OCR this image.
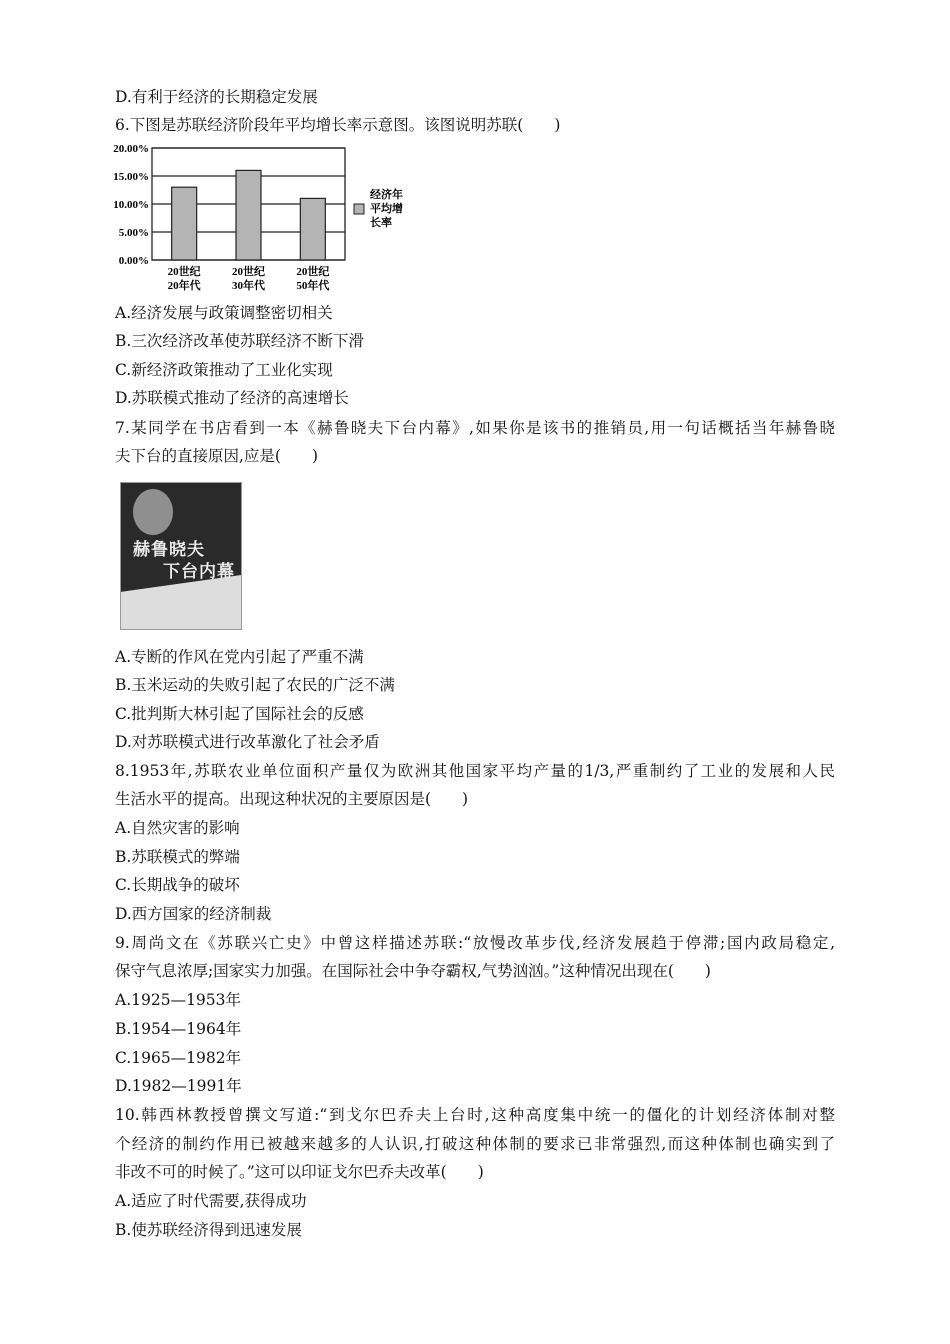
D.有利于经济的长期稳定发展
6.下图是苏联经济阶段年平均增长率示意图。该图说明苏联(　　)
0.00%
5.00%
10.00%
15.00%
20.00%
20世纪
20年代
20世纪
30年代
20世纪
50年代
经济年
平均增
长率
A.经济发展与政策调整密切相关
B.三次经济改革使苏联经济不断下滑
C.新经济政策推动了工业化实现
D.苏联模式推动了经济的高速增长
7.某同学在书店看到一本《赫鲁晓夫下台内幕》,如果你是该书的推销员,用一句话概括当年赫鲁晓
夫下台的直接原因,应是(　　)
赫鲁晓夫
下台内幕
A.专断的作风在党内引起了严重不满
B.玉米运动的失败引起了农民的广泛不满
C.批判斯大林引起了国际社会的反感
D.对苏联模式进行改革激化了社会矛盾
8.1953年,苏联农业单位面积产量仅为欧洲其他国家平均产量的1/3,严重制约了工业的发展和人民
生活水平的提高。出现这种状况的主要原因是(　　)
A.自然灾害的影响
B.苏联模式的弊端
C.长期战争的破坏
D.西方国家的经济制裁
9.周尚文在《苏联兴亡史》中曾这样描述苏联:“放慢改革步伐,经济发展趋于停滞;国内政局稳定,
保守气息浓厚;国家实力加强。在国际社会中争夺霸权,气势汹汹。”这种情况出现在(　　)
A.1925—1953年
B.1954—1964年
C.1965—1982年
D.1982—1991年
10.韩西林教授曾撰文写道:“到戈尔巴乔夫上台时,这种高度集中统一的僵化的计划经济体制对整
个经济的制约作用已被越来越多的人认识,打破这种体制的要求已非常强烈,而这种体制也确实到了
非改不可的时候了。”这可以印证戈尔巴乔夫改革(　　)
A.适应了时代需要,获得成功
B.使苏联经济得到迅速发展
